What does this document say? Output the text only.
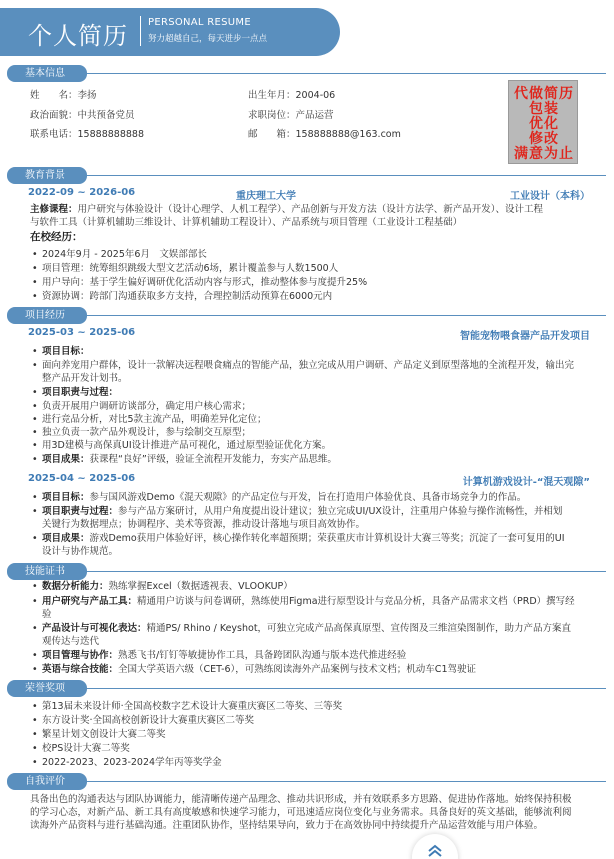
个人简历 PERSONAL RESUME
努力超越自己，每天进步一点点
基本信息
姓　　名：李扬	出生年月：2004-06
政治面貌：中共预备党员	求职岗位：产品运营
联系电话：15888888888	邮　　箱：158888888@163.com
代做简历
包装
优化
修改
满意为止
教育背景
2022-09 ~ 2026-06	重庆理工大学	工业设计（本科）
主修课程：用户研究与体验设计（设计心理学、人机工程学）、产品创新与开发方法（设计方法学、新产品开发）、设计工程
与软件工具（计算机辅助三维设计、计算机辅助工程设计）、产品系统与项目管理（工业设计工程基础）
在校经历：
• 2024年9月 - 2025年6月　文娱部部长
• 项目管理：统筹组织跳级大型文艺活动6场，累计覆盖参与人数1500人
• 用户导向：基于学生偏好调研优化活动内容与形式，推动整体参与度提升25%
• 资源协调：跨部门沟通获取多方支持，合理控制活动预算在6000元内
项目经历
2025-03 ~ 2025-06	智能宠物喂食器产品开发项目
• 项目目标：
• 面向养宠用户群体，设计一款解决远程喂食痛点的智能产品，独立完成从用户调研、产品定义到原型落地的全流程开发，输出完
整产品开发计划书。
• 项目职责与过程：
• 负责开展用户调研访谈部分，确定用户核心需求；
• 进行竞品分析，对比5款主流产品，明确差异化定位；
• 独立负责一款产品外观设计，参与绘制交互原型；
• 用3D建模与高保真UI设计推进产品可视化，通过原型验证优化方案。
• 项目成果：获课程“良好”评级，验证全流程开发能力，夯实产品思维。
2025-04 ~ 2025-06	计算机游戏设计-“混天观隙”
• 项目目标：参与国风游戏Demo《混天观隙》的产品定位与开发，旨在打造用户体验优良、具备市场竞争力的作品。
• 项目职责与过程：参与产品方案研讨，从用户角度提出设计建议；独立完成UI/UX设计，注重用户体验与操作流畅性，并相划
关键行为数据埋点；协调程序、美术等资源，推动设计落地与项目高效协作。
• 项目成果：游戏Demo获用户体验好评，核心操作转化率超预期；荣获重庆市计算机设计大赛三等奖；沉淀了一套可复用的UI
设计与协作规范。
技能证书
• 数据分析能力：熟练掌握Excel（数据透视表、VLOOKUP）
• 用户研究与产品工具：精通用户访谈与问卷调研，熟练使用Figma进行原型设计与竞品分析，具备产品需求文档（PRD）撰写经
验
• 产品设计与可视化表达：精通PS/ Rhino / Keyshot，可独立完成产品高保真原型、宣传图及三维渲染图制作，助力产品方案直
观传达与迭代
• 项目管理与协作：熟悉飞书/钉钉等敏捷协作工具，具备跨团队沟通与版本迭代推进经验
• 英语与综合技能：全国大学英语六级（CET-6），可熟练阅读海外产品案例与技术文档；机动车C1驾驶证
荣誉奖项
• 第13届未来设计师·全国高校数字艺术设计大赛重庆赛区二等奖、三等奖
• 东方设计奖·全国高校创新设计大赛重庆赛区二等奖
• 繁星计划文创设计大赛二等奖
• 校PS设计大赛二等奖
• 2022-2023、2023-2024学年丙等奖学金
自我评价
具备出色的沟通表达与团队协调能力，能清晰传递产品理念、推动共识形成，并有效联系多方思路、促进协作落地。始终保持积极
的学习心态，对新产品、新工具有高度敏感和快速学习能力，可迅速适应岗位变化与业务需求。具备良好的英文基础，能够流利阅
读海外产品资料与进行基础沟通。注重团队协作，坚持结果导向，致力于在高效协同中持续提升产品运营效能与用户体验。
